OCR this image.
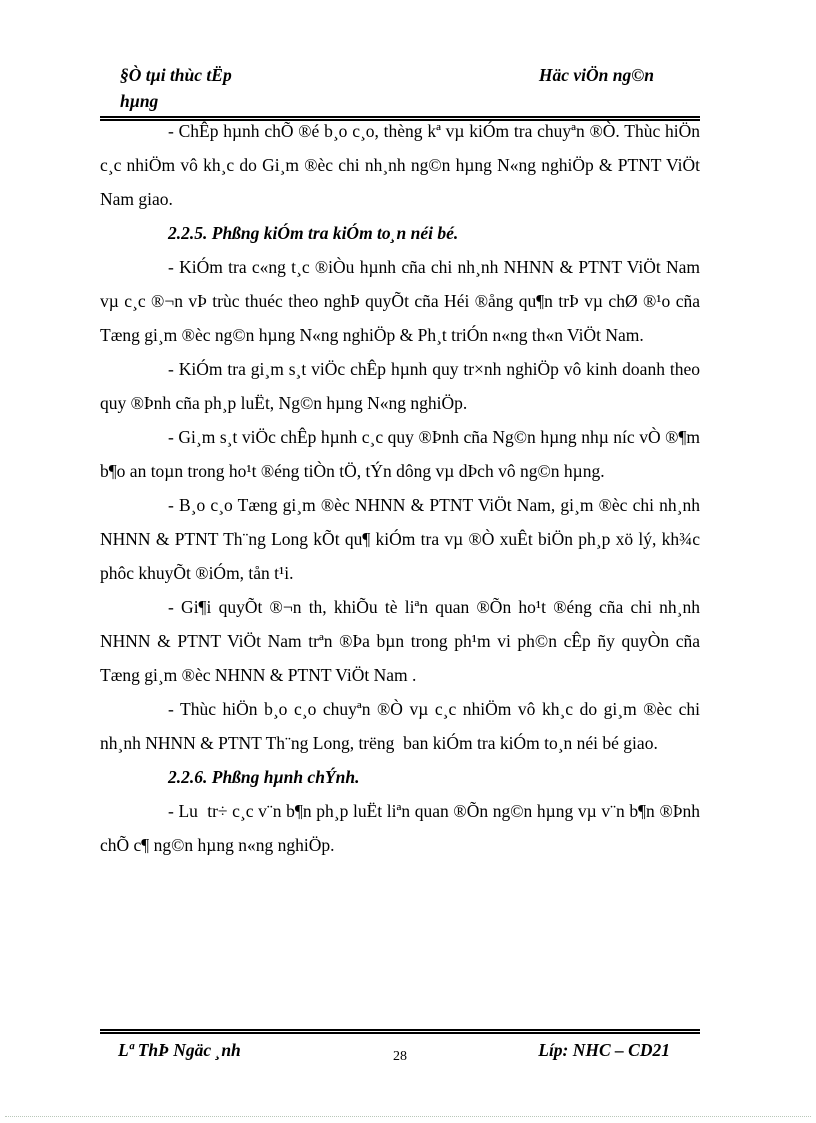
§Ò tµi thùc tËp	Häc viÖn ng©n
hµng

- ChÊp hµnh chÕ ®é b¸o c¸o, thèng kª vµ kiÓm tra chuyªn ®Ò. Thùc hiÖn c¸c nhiÖm vô kh¸c do Gi¸m ®èc chi nh¸nh ng©n hµng N«ng nghiÖp & PTNT ViÖt Nam giao.

2.2.5. Phßng kiÓm tra kiÓm to¸n néi bé.

- KiÓm tra c«ng t¸c ®iÒu hµnh cña chi nh¸nh NHNN & PTNT ViÖt Nam vµ c¸c ®¬n vÞ trùc thuéc theo nghÞ quyÕt cña Héi ®ång qu¶n trÞ vµ chØ ®¹o cña Tæng gi¸m ®èc ng©n hµng N«ng nghiÖp & Ph¸t triÓn n«ng th«n ViÖt Nam.

- KiÓm tra gi¸m s¸t viÖc chÊp hµnh quy tr×nh nghiÖp vô kinh doanh theo quy ®Þnh cña ph¸p luËt, Ng©n hµng N«ng nghiÖp.

- Gi¸m s¸t viÖc chÊp hµnh c¸c quy ®Þnh cña Ng©n hµng nhµ níc vÒ ®¶m b¶o an toµn trong ho¹t ®éng tiÒn tÖ, tÝn dông vµ dÞch vô ng©n hµng.

- B¸o c¸o Tæng gi¸m ®èc NHNN & PTNT ViÖt Nam, gi¸m ®èc chi nh¸nh NHNN & PTNT Th¨ng Long kÕt qu¶ kiÓm tra vµ ®Ò xuÊt biÖn ph¸p xö lý, kh¾c phôc khuyÕt ®iÓm, tån t¹i.

- Gi¶i quyÕt ®¬n th, khiÕu tè liªn quan ®Õn ho¹t ®éng cña chi nh¸nh NHNN & PTNT ViÖt Nam trªn ®Þa bµn trong ph¹m vi ph©n cÊp ñy quyÒn cña Tæng gi¸m ®èc NHNN & PTNT ViÖt Nam .

- Thùc hiÖn b¸o c¸o chuyªn ®Ò vµ c¸c nhiÖm vô kh¸c do gi¸m ®èc chi nh¸nh NHNN & PTNT Th¨ng Long, trëng  ban kiÓm tra kiÓm to¸n néi bé giao.

2.2.6. Phßng hµnh chÝnh.

- Lu  tr÷ c¸c v¨n b¶n ph¸p luËt liªn quan ®Õn ng©n hµng vµ v¨n b¶n ®Þnh chÕ c¶ ng©n hµng n«ng nghiÖp.

Lª ThÞ Ngäc ¸nh	Líp: NHC – CD21
28
